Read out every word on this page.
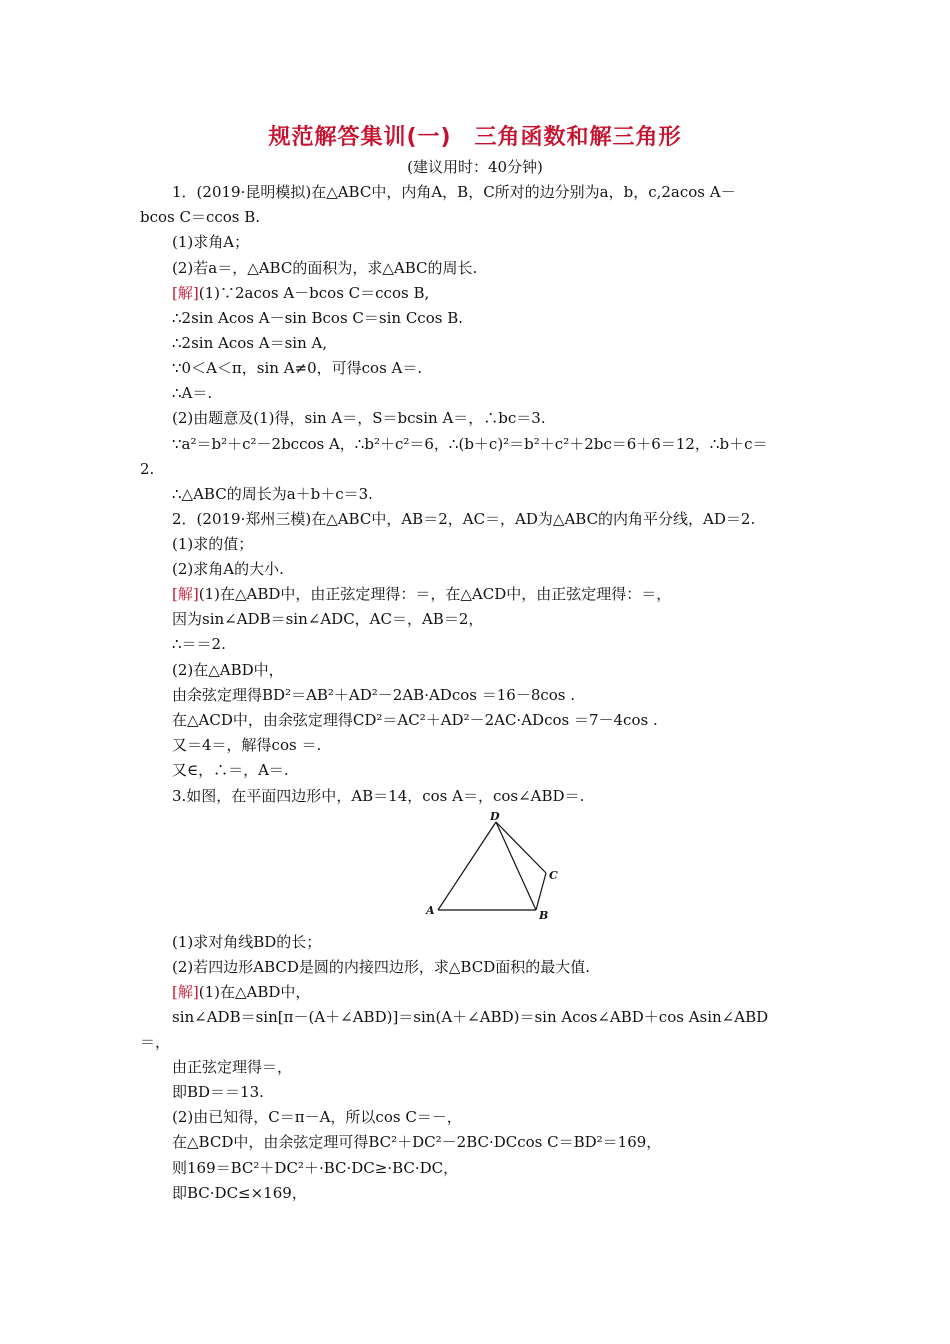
规范解答集训(一)　三角函数和解三角形
(建议用时：40分钟)
1．(2019·昆明模拟)在△ABC中，内角A，B，C所对的边分别为a，b，c,2acos A－
bcos C＝ccos B.
(1)求角A；
(2)若a＝，△ABC的面积为，求△ABC的周长.
[解](1)∵2acos A－bcos C＝ccos B,
∴2sin Acos A－sin Bcos C＝sin Ccos B.
∴2sin Acos A＝sin A,
∵0＜A＜π，sin A≠0，可得cos A＝.
∴A＝.
(2)由题意及(1)得，sin A＝，S＝bcsin A＝，∴bc＝3.
∵a²＝b²＋c²－2bccos A，∴b²＋c²＝6，∴(b＋c)²＝b²＋c²＋2bc＝6＋6＝12，∴b＋c＝
2.
∴△ABC的周长为a＋b＋c＝3.
2．(2019·郑州三模)在△ABC中，AB＝2，AC＝，AD为△ABC的内角平分线，AD＝2.
(1)求的值；
(2)求角A的大小.
[解](1)在△ABD中，由正弦定理得：＝，在△ACD中，由正弦定理得：＝，
因为sin∠ADB＝sin∠ADC，AC＝，AB＝2，
∴＝＝2.
(2)在△ABD中，
由余弦定理得BD²＝AB²＋AD²－2AB·ADcos ＝16－8cos .
在△ACD中，由余弦定理得CD²＝AC²＋AD²－2AC·ADcos ＝7－4cos .
又＝4＝，解得cos ＝.
又∈，∴＝，A＝.
3.如图，在平面四边形中，AB＝14，cos A＝，cos∠ABD＝.
A	B
C
D
(1)求对角线BD的长；
(2)若四边形ABCD是圆的内接四边形，求△BCD面积的最大值.
[解](1)在△ABD中，
sin∠ADB＝sin[π－(A＋∠ABD)]＝sin(A＋∠ABD)＝sin Acos∠ABD＋cos Asin∠ABD
＝，
由正弦定理得＝，
即BD＝＝13.
(2)由已知得，C＝π－A，所以cos C＝－，
在△BCD中，由余弦定理可得BC²＋DC²－2BC·DCcos C＝BD²＝169，
则169＝BC²＋DC²＋·BC·DC≥·BC·DC，
即BC·DC≤×169，
